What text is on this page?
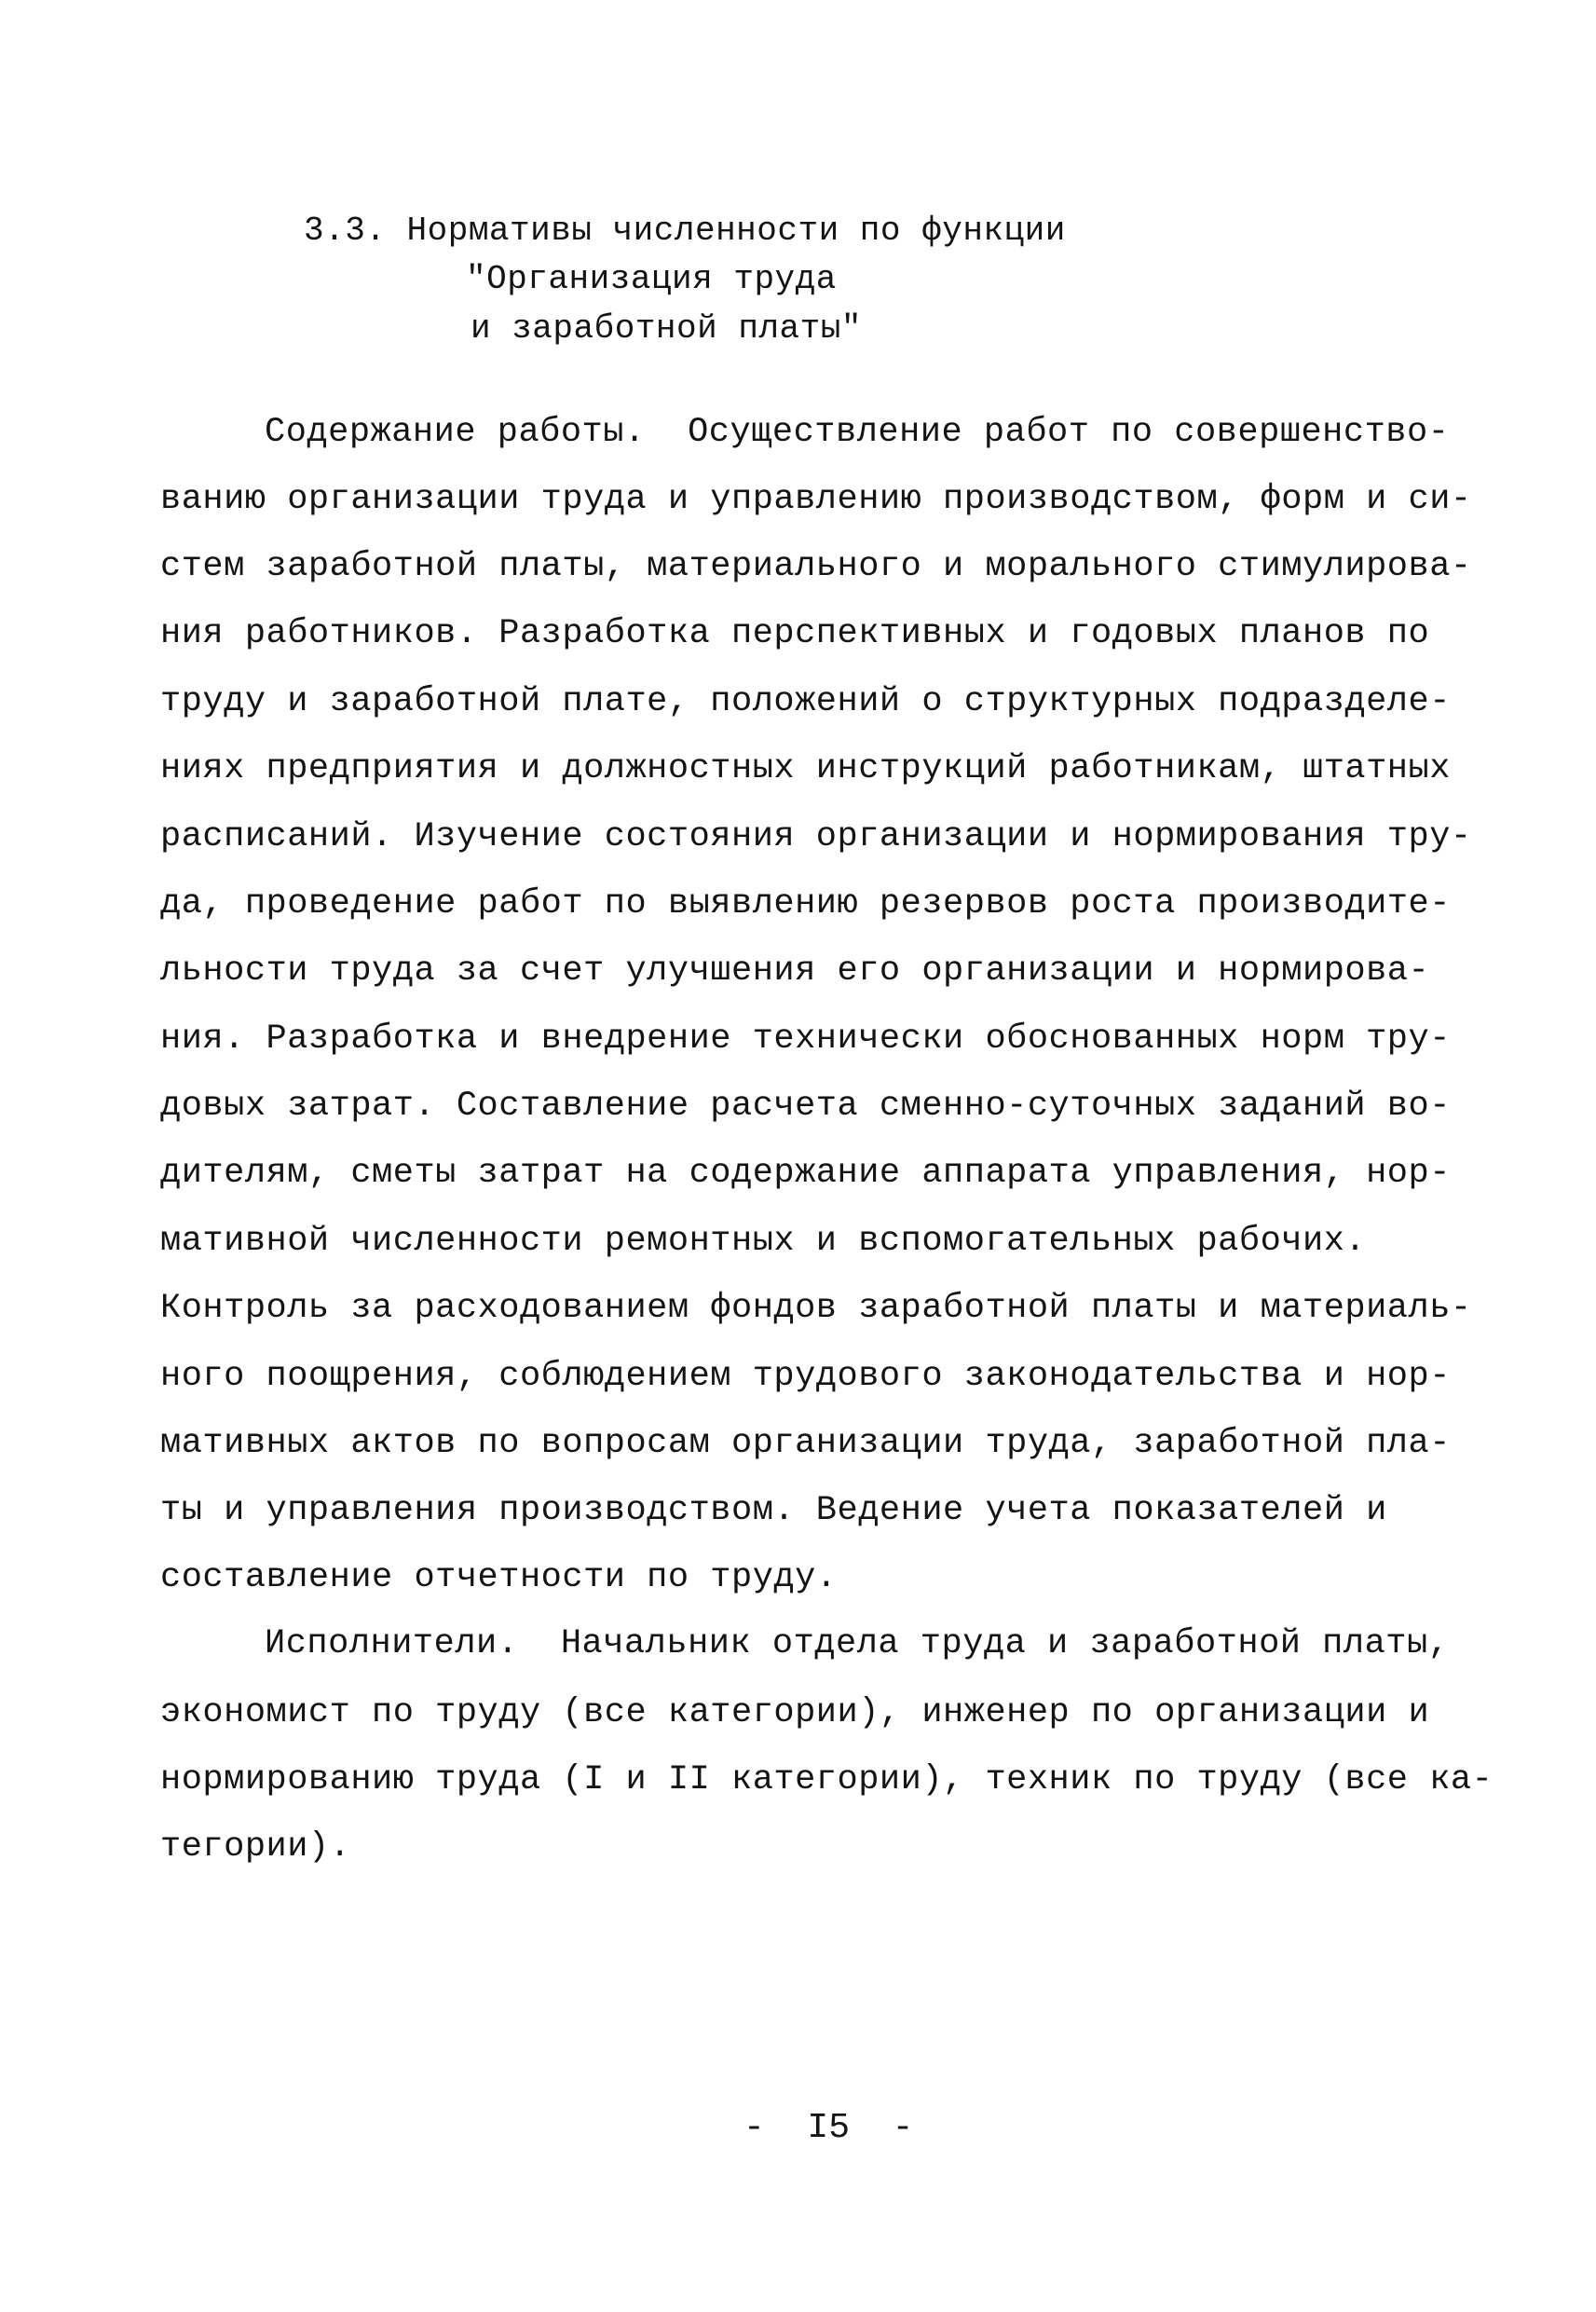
3.3. Нормативы численности по функции
"Организация труда
и заработной платы"
Содержание работы.  Осуществление работ по совершенство-
ванию организации труда и управлению производством, форм и си-
стем заработной платы, материального и морального стимулирова-
ния работников. Разработка перспективных и годовых планов по
труду и заработной плате, положений о структурных подразделе-
ниях предприятия и должностных инструкций работникам, штатных
расписаний. Изучение состояния организации и нормирования тру-
да, проведение работ по выявлению резервов роста производите-
льности труда за счет улучшения его организации и нормирова-
ния. Разработка и внедрение технически обоснованных норм тру-
довых затрат. Составление расчета сменно-суточных заданий во-
дителям, сметы затрат на содержание аппарата управления, нор-
мативной численности ремонтных и вспомогательных рабочих.
Контроль за расходованием фондов заработной платы и материаль-
ного поощрения, соблюдением трудового законодательства и нор-
мативных актов по вопросам организации труда, заработной пла-
ты и управления производством. Ведение учета показателей и
составление отчетности по труду.
Исполнители.  Начальник отдела труда и заработной платы,
экономист по труду (все категории), инженер по организации и
нормированию труда (I и II категории), техник по труду (все ка-
тегории).
-  I5  -
